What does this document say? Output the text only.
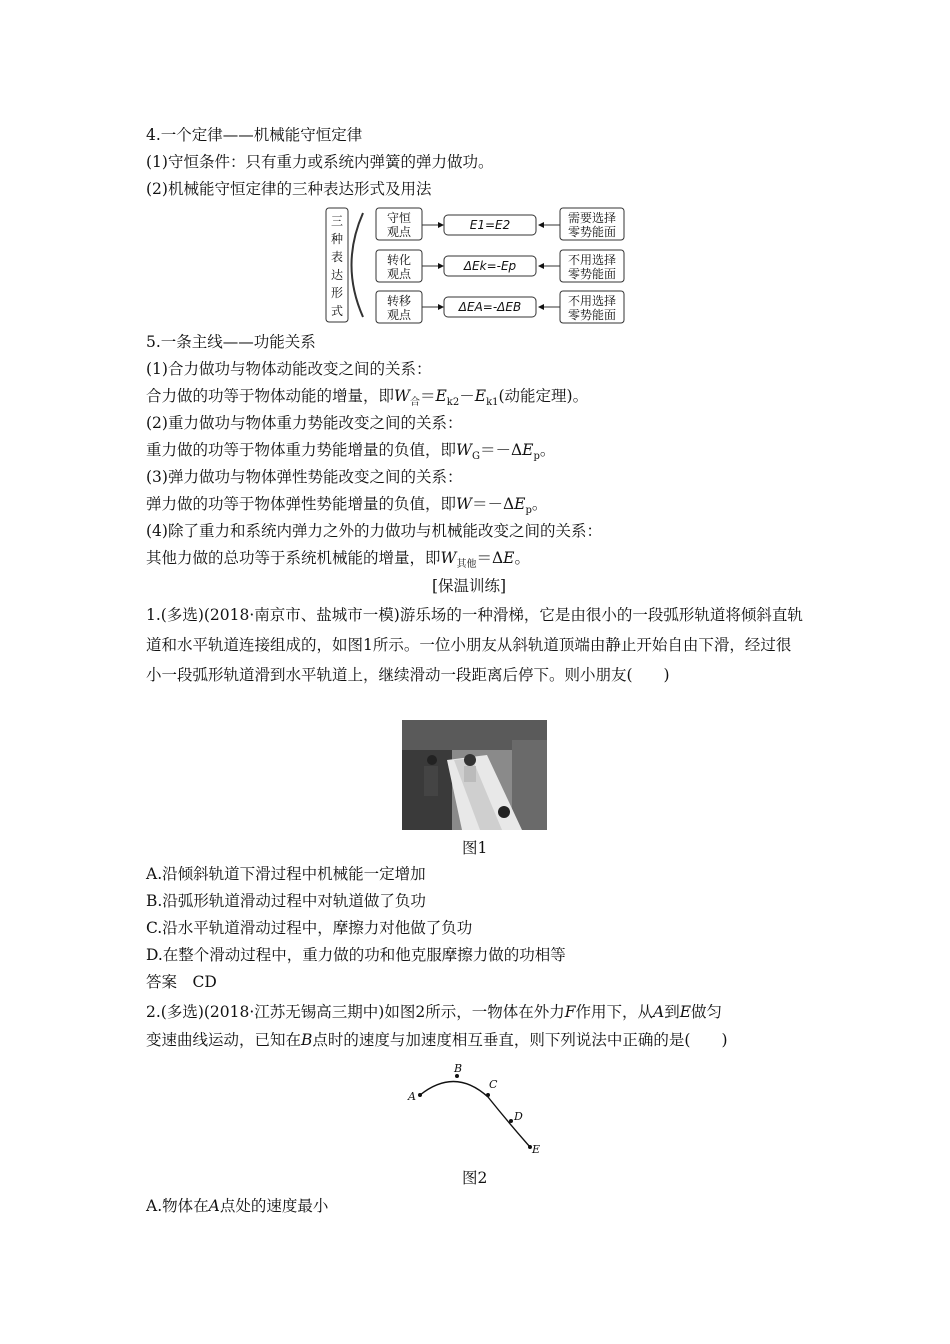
4.一个定律——机械能守恒定律
(1)守恒条件：只有重力或系统内弹簧的弹力做功。
(2)机械能守恒定律的三种表达形式及用法
三
种
表
达
形
式
守恒
观点
转化
观点
转移
观点
E1=E2
ΔEk=-Ep
ΔEA=-ΔEB
需要选择
零势能面
不用选择
零势能面
不用选择
零势能面
5.一条主线——功能关系
(1)合力做功与物体动能改变之间的关系：
合力做的功等于物体动能的增量，即$W_合=E_{k2}-E_{k1}$(动能定理)。
(2)重力做功与物体重力势能改变之间的关系：
重力做的功等于物体重力势能增量的负值，即$W_G=-\Delta E_p$。
(3)弹力做功与物体弹性势能改变之间的关系：
弹力做的功等于物体弹性势能增量的负值，即$W=-\Delta E_p$。
(4)除了重力和系统内弹力之外的力做功与机械能改变之间的关系：
其他力做的总功等于系统机械能的增量，即$W_{其他}=\Delta E$。
[保温训练]
1.(多选)(2018·南京市、盐城市一模)游乐场的一种滑梯，它是由很小的一段弧形轨道将倾斜直轨道和水平轨道连接组成的，如图1所示。一位小朋友从斜轨道顶端由静止开始自由下滑，经过很小一段弧形轨道滑到水平轨道上，继续滑动一段距离后停下。则小朋友(　　)
图1
A.沿倾斜轨道下滑过程中机械能一定增加
B.沿弧形轨道滑动过程中对轨道做了负功
C.沿水平轨道滑动过程中，摩擦力对他做了负功
D.在整个滑动过程中，重力做的功和他克服摩擦力做的功相等
答案　CD
2.(多选)(2018·江苏无锡高三期中)如图2所示，一物体在外力F作用下，从A到E做匀
变速曲线运动，已知在B点时的速度与加速度相互垂直，则下列说法中正确的是(　　)
A
B
C
D
E
图2
A.物体在A点处的速度最小
